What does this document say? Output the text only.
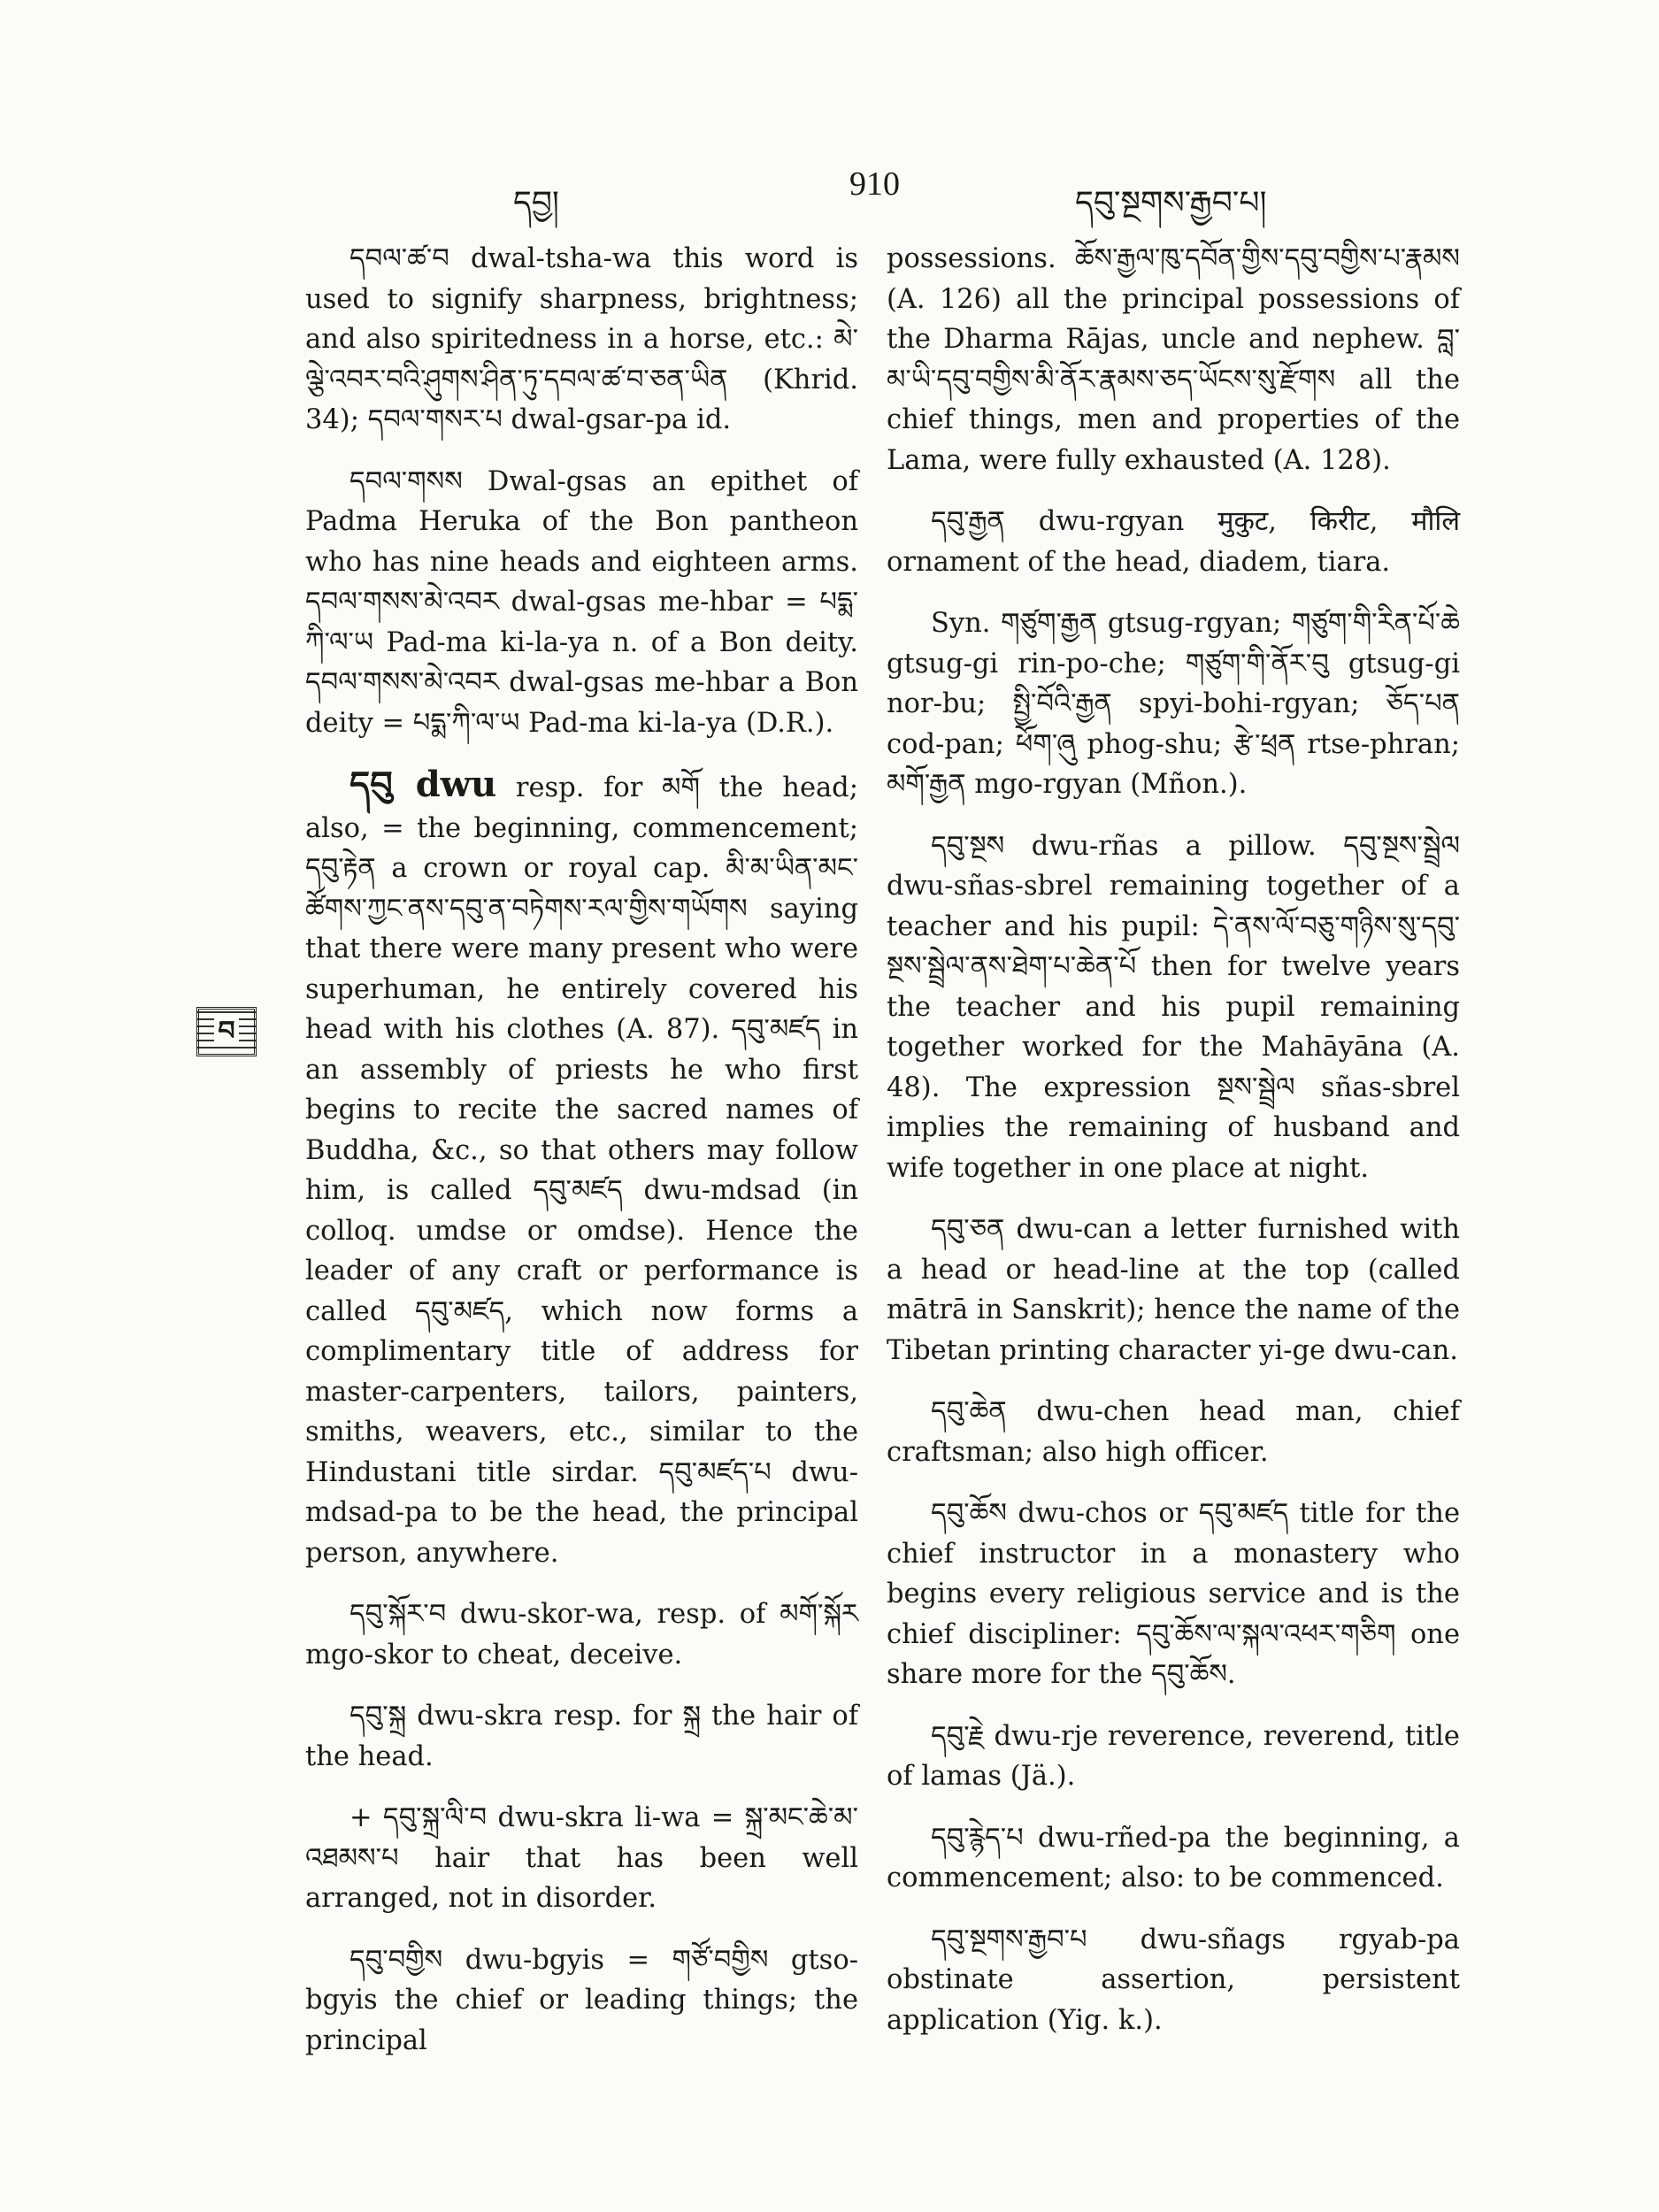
དབྱ།
910
དབུ་སྔགས་རྒྱབ་པ།
བ

དབལ་ཚ་བ dwal-tsha-wa this word is used to signify sharpness, brightness; and also spiritedness in a horse, etc.: མེ་ལྕེ་འབར་བའི་ཤུགས་ཤིན་ཏུ་དབལ་ཚ་བ་ཅན་ཡིན (Khrid. 34); དབལ་གསར་པ dwal-gsar-pa id.

དབལ་གསས Dwal-gsas an epithet of Padma Heruka of the Bon pantheon who has nine heads and eighteen arms. དབལ་གསས་མེ་འབར dwal-gsas me-hbar = པདྨ་ཀི་ལ་ཡ Pad-ma ki-la-ya n. of a Bon deity. དབལ་གསས་མེ་འབར dwal-gsas me-hbar a Bon deity = པདྨ་ཀི་ལ་ཡ Pad-ma ki-la-ya (D.R.).

དབུ dwu resp. for མགོ the head; also, = the beginning, commencement; དབུ་རྟེན a crown or royal cap. མི་མ་ཡིན་མང་ཚོགས་ཀྱང་ནས་དབུ་ན་བཏེགས་རལ་གྱིས་གཡོགས saying that there were many present who were superhuman, he entirely covered his head with his clothes (A. 87). དབུ་མཛད in an assembly of priests he who first begins to recite the sacred names of Buddha, &c., so that others may follow him, is called དབུ་མཛད dwu-mdsad (in colloq. umdse or omdse). Hence the leader of any craft or performance is called དབུ་མཛད, which now forms a complimentary title of address for master-carpenters, tailors, painters, smiths, weavers, etc., similar to the Hindustani title sirdar. དབུ་མཛད་པ dwu-mdsad-pa to be the head, the principal person, anywhere.

དབུ་སྐོར་བ dwu-skor-wa, resp. of མགོ་སྐོར mgo-skor to cheat, deceive.

དབུ་སྐྲ dwu-skra resp. for སྐྲ the hair of the head.

+ དབུ་སྐྲ་ལི་བ dwu-skra li-wa = སྐྲ་མང་ཆེ་མ་འཐམས་པ hair that has been well arranged, not in disorder.

དབུ་བགྱིས dwu-bgyis = གཙོ་བགྱིས gtso-bgyis the chief or leading things; the principal

possessions. ཆོས་རྒྱལ་ཁུ་དབོན་གྱིས་དབུ་བགྱིས་པ་རྣམས (A. 126) all the principal possessions of the Dharma Rājas, uncle and nephew. བླ་མ་ཡི་དབུ་བགྱིས་མི་ནོར་རྣམས་ཅད་ཡོངས་སུ་རྫོགས all the chief things, men and properties of the Lama, were fully exhausted (A. 128).

དབུ་རྒྱན dwu-rgyan मुकुट, किरीट, मौलि ornament of the head, diadem, tiara.

Syn. གཙུག་རྒྱན gtsug-rgyan; གཙུག་གི་རིན་པོ་ཆེ gtsug-gi rin-po-che; གཙུག་གི་ནོར་བུ gtsug-gi nor-bu; སྤྱི་བོའི་རྒྱན spyi-bohi-rgyan; ཅོད་པན cod-pan; ཕོག་ཞུ phog-shu; རྩེ་ཕྲན rtse-phran; མགོ་རྒྱན mgo-rgyan (Mñon.).

དབུ་སྔས dwu-rñas a pillow. དབུ་སྔས་སྦྲེལ dwu-sñas-sbrel remaining together of a teacher and his pupil: དེ་ནས་ལོ་བཅུ་གཉིས་སུ་དབུ་སྔས་སྦྲེལ་ནས་ཐེག་པ་ཆེན་པོ then for twelve years the teacher and his pupil remaining together worked for the Mahāyāna (A. 48). The expression སྔས་སྦྲེལ sñas-sbrel implies the remaining of husband and wife together in one place at night.

དབུ་ཅན dwu-can a letter furnished with a head or head-line at the top (called mātrā in Sanskrit); hence the name of the Tibetan printing character yi-ge dwu-can.

དབུ་ཆེན dwu-chen head man, chief craftsman; also high officer.

དབུ་ཆོས dwu-chos or དབུ་མཛད title for the chief instructor in a monastery who begins every religious service and is the chief discipliner: དབུ་ཆོས་ལ་སྐལ་འཕར་གཅིག one share more for the དབུ་ཆོས.

དབུ་རྗེ dwu-rje reverence, reverend, title of lamas (Jä.).

དབུ་རྙེད་པ dwu-rñed-pa the beginning, a commencement; also: to be commenced.

དབུ་སྔགས་རྒྱབ་པ dwu-sñags rgyab-pa obstinate assertion, persistent application (Yig. k.).
